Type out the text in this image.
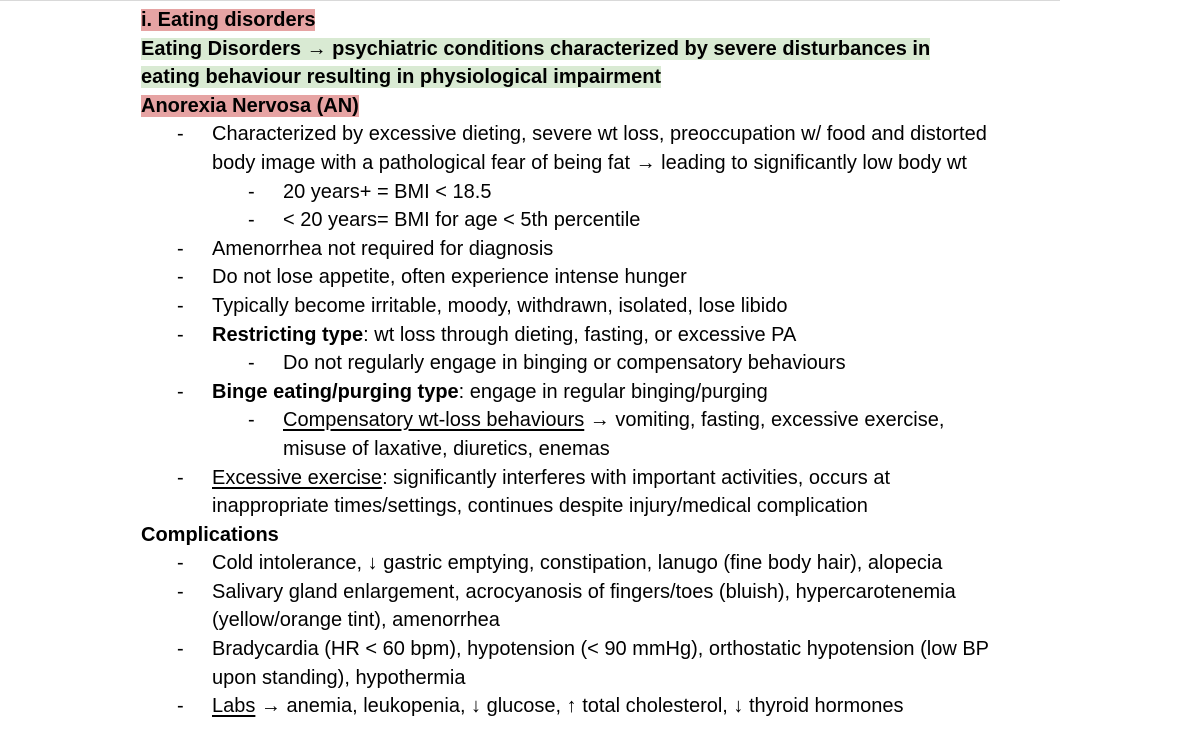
i. Eating disorders
Eating Disorders → psychiatric conditions characterized by severe disturbances in
eating behaviour resulting in physiological impairment
Anorexia Nervosa (AN)
- Characterized by excessive dieting, severe wt loss, preoccupation w/ food and distorted
body image with a pathological fear of being fat → leading to significantly low body wt
- 20 years+ = BMI < 18.5
- < 20 years= BMI for age < 5th percentile
- Amenorrhea not required for diagnosis
- Do not lose appetite, often experience intense hunger
- Typically become irritable, moody, withdrawn, isolated, lose libido
- Restricting type: wt loss through dieting, fasting, or excessive PA
- Do not regularly engage in binging or compensatory behaviours
- Binge eating/purging type: engage in regular binging/purging
- Compensatory wt-loss behaviours → vomiting, fasting, excessive exercise,
misuse of laxative, diuretics, enemas
- Excessive exercise: significantly interferes with important activities, occurs at
inappropriate times/settings, continues despite injury/medical complication
Complications
- Cold intolerance, ↓ gastric emptying, constipation, lanugo (fine body hair), alopecia
- Salivary gland enlargement, acrocyanosis of fingers/toes (bluish), hypercarotenemia
(yellow/orange tint), amenorrhea
- Bradycardia (HR < 60 bpm), hypotension (< 90 mmHg), orthostatic hypotension (low BP
upon standing), hypothermia
- Labs → anemia, leukopenia, ↓ glucose, ↑ total cholesterol, ↓ thyroid hormones
